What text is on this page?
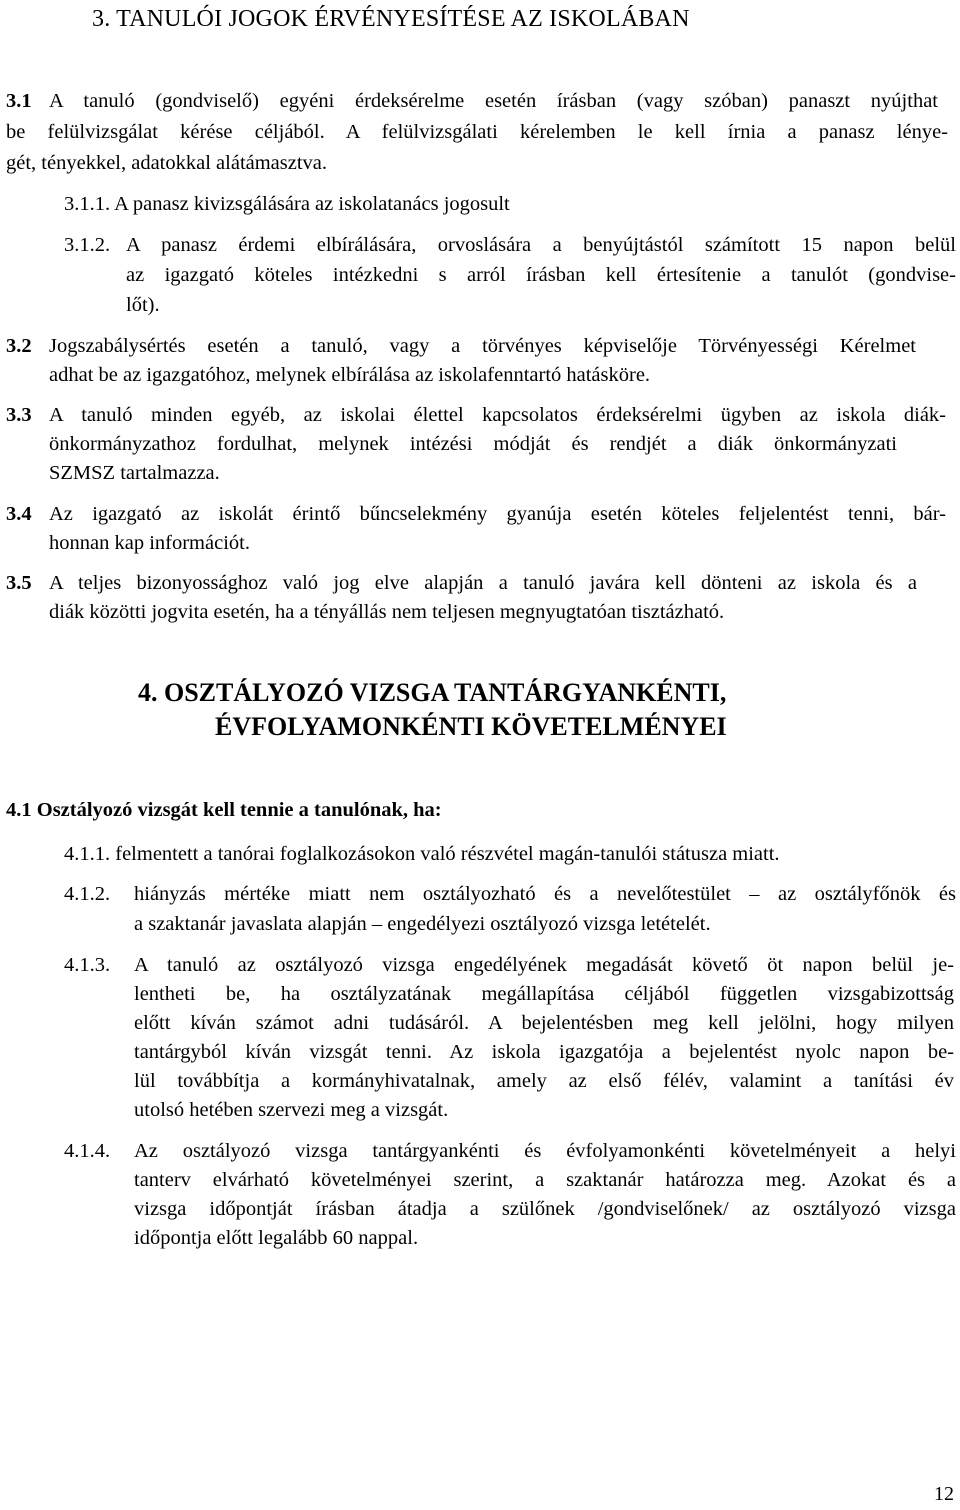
3. TANULÓI JOGOK ÉRVÉNYESÍTÉSE AZ ISKOLÁBAN
3.1 A tanuló (gondviselő) egyéni érdeksérelme esetén írásban (vagy szóban) panaszt nyújthat
be felülvizsgálat kérése céljából. A felülvizsgálati kérelemben le kell írnia a panasz lénye-
gét, tényekkel, adatokkal alátámasztva.
3.1.1. A panasz kivizsgálására az iskolatanács jogosult
3.1.2. A panasz érdemi elbírálására, orvoslására a benyújtástól számított 15 napon belül
az igazgató köteles intézkedni s arról írásban kell értesítenie a tanulót (gondvise-
lőt).
3.2 Jogszabálysértés esetén a tanuló, vagy a törvényes képviselője Törvényességi Kérelmet
adhat be az igazgatóhoz, melynek elbírálása az iskolafenntartó hatásköre.
3.3 A tanuló minden egyéb, az iskolai élettel kapcsolatos érdeksérelmi ügyben az iskola diák-
önkormányzathoz fordulhat, melynek intézési módját és rendjét a diák önkormányzati
SZMSZ tartalmazza.
3.4 Az igazgató az iskolát érintő bűncselekmény gyanúja esetén köteles feljelentést tenni, bár-
honnan kap információt.
3.5 A teljes bizonyossághoz való jog elve alapján a tanuló javára kell dönteni az iskola és a
diák közötti jogvita esetén, ha a tényállás nem teljesen megnyugtatóan tisztázható.
4. OSZTÁLYOZÓ VIZSGA TANTÁRGYANKÉNTI,
ÉVFOLYAMONKÉNTI KÖVETELMÉNYEI
4.1 Osztályozó vizsgát kell tennie a tanulónak, ha:
4.1.1. felmentett a tanórai foglalkozásokon való részvétel magán-tanulói státusza miatt.
4.1.2. hiányzás mértéke miatt nem osztályozható és a nevelőtestület – az osztályfőnök és
a szaktanár javaslata alapján – engedélyezi osztályozó vizsga letételét.
4.1.3. A tanuló az osztályozó vizsga engedélyének megadását követő öt napon belül je-
lentheti be, ha osztályzatának megállapítása céljából független vizsgabizottság
előtt kíván számot adni tudásáról. A bejelentésben meg kell jelölni, hogy milyen
tantárgyból kíván vizsgát tenni. Az iskola igazgatója a bejelentést nyolc napon be-
lül továbbítja a kormányhivatalnak, amely az első félév, valamint a tanítási év
utolsó hetében szervezi meg a vizsgát.
4.1.4. Az osztályozó vizsga tantárgyankénti és évfolyamonkénti követelményeit a helyi
tanterv elvárható követelményei szerint, a szaktanár határozza meg. Azokat és a
vizsga időpontját írásban átadja a szülőnek /gondviselőnek/ az osztályozó vizsga
időpontja előtt legalább 60 nappal.
12
